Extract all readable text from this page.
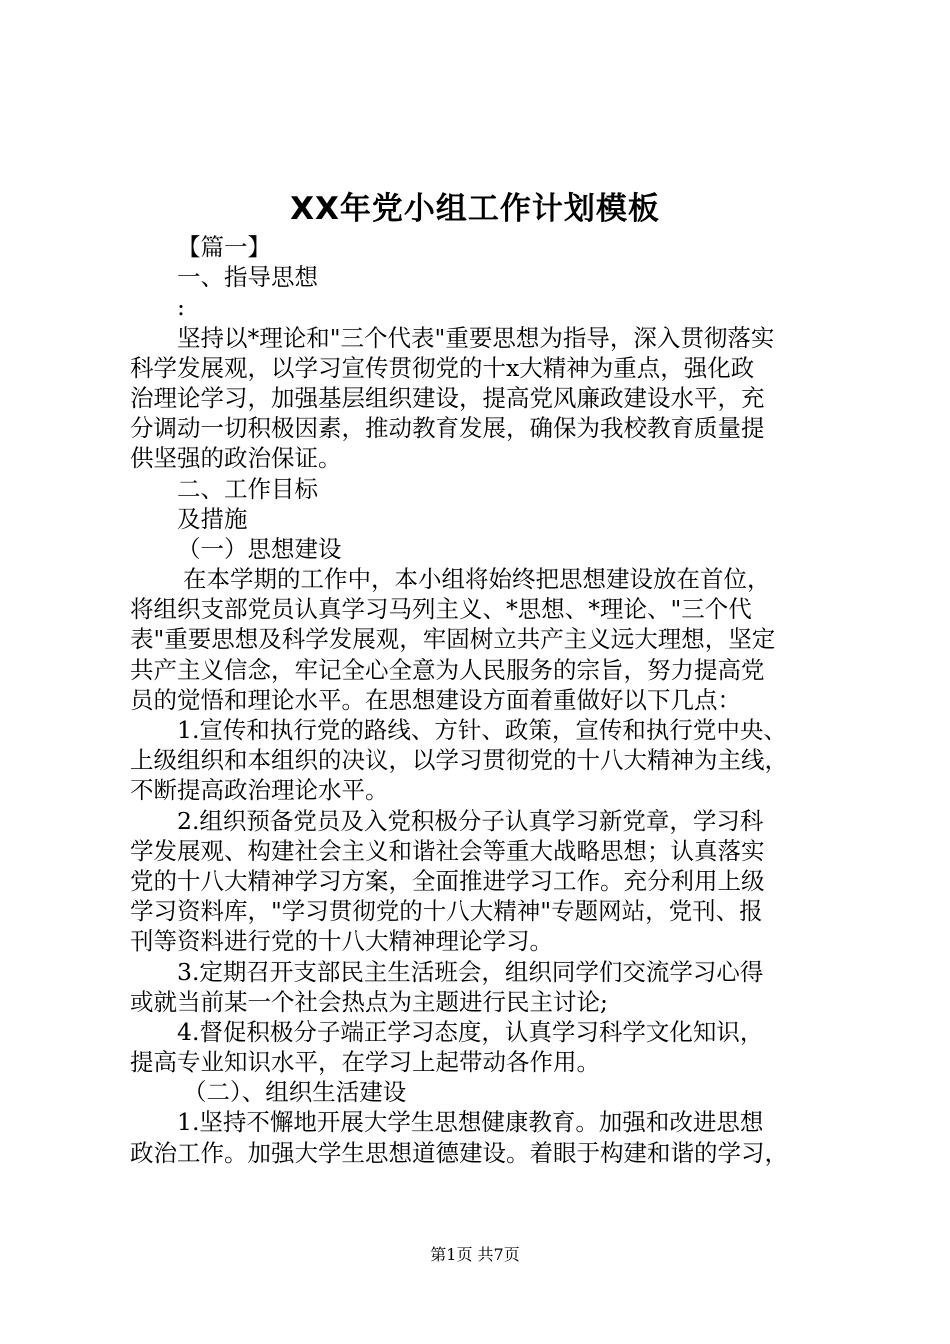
XX年党小组工作计划模板
【篇一】
一、指导思想
:
坚持以*理论和"三个代表"重要思想为指导，深入贯彻落实
科学发展观，以学习宣传贯彻党的十x大精神为重点，强化政
治理论学习，加强基层组织建设，提高党风廉政建设水平，充
分调动一切积极因素，推动教育发展，确保为我校教育质量提
供坚强的政治保证。
二、工作目标
及措施
（一）思想建设
在本学期的工作中，本小组将始终把思想建设放在首位，
将组织支部党员认真学习马列主义、*思想、*理论、"三个代
表"重要思想及科学发展观，牢固树立共产主义远大理想，坚定
共产主义信念，牢记全心全意为人民服务的宗旨，努力提高党
员的觉悟和理论水平。在思想建设方面着重做好以下几点：
1.宣传和执行党的路线、方针、政策，宣传和执行党中央、
上级组织和本组织的决议，以学习贯彻党的十八大精神为主线，
不断提高政治理论水平。
2.组织预备党员及入党积极分子认真学习新党章，学习科
学发展观、构建社会主义和谐社会等重大战略思想；认真落实
党的十八大精神学习方案，全面推进学习工作。充分利用上级
学习资料库，"学习贯彻党的十八大精神"专题网站，党刊、报
刊等资料进行党的十八大精神理论学习。
3.定期召开支部民主生活班会，组织同学们交流学习心得
或就当前某一个社会热点为主题进行民主讨论;
4.督促积极分子端正学习态度，认真学习科学文化知识，
提高专业知识水平，在学习上起带动各作用。
（二）、组织生活建设
1.坚持不懈地开展大学生思想健康教育。加强和改进思想
政治工作。加强大学生思想道德建设。着眼于构建和谐的学习，
第1页 共7页
